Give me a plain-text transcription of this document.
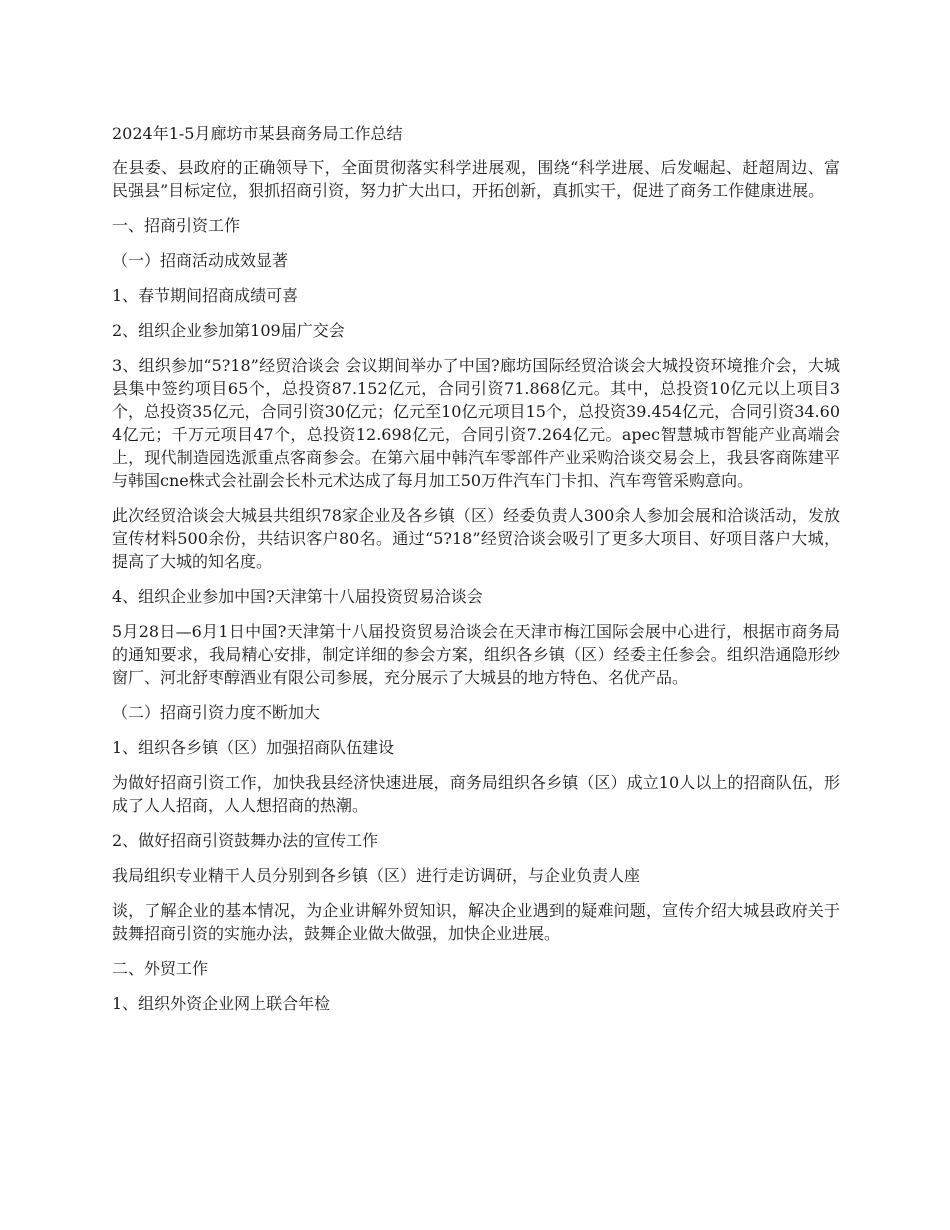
2024年1-5月廊坊市某县商务局工作总结

在县委、县政府的正确领导下，全面贯彻落实科学进展观，围绕“科学进展、后发崛起、赶超周边、富民强县”目标定位，狠抓招商引资，努力扩大出口，开拓创新，真抓实干，促进了商务工作健康进展。

一、招商引资工作

（一）招商活动成效显著

1、春节期间招商成绩可喜

2、组织企业参加第109届广交会

3、组织参加“5?18”经贸洽谈会 会议期间举办了中国?廊坊国际经贸洽谈会大城投资环境推介会，大城县集中签约项目65个，总投资87.152亿元，合同引资71.868亿元。其中，总投资10亿元以上项目3个，总投资35亿元，合同引资30亿元；亿元至10亿元项目15个，总投资39.454亿元，合同引资34.604亿元；千万元项目47个，总投资12.698亿元，合同引资7.264亿元。apec智慧城市智能产业高端会上，现代制造园选派重点客商参会。在第六届中韩汽车零部件产业采购洽谈交易会上，我县客商陈建平与韩国cne株式会社副会长朴元术达成了每月加工50万件汽车门卡扣、汽车弯管采购意向。

此次经贸洽谈会大城县共组织78家企业及各乡镇（区）经委负责人300余人参加会展和洽谈活动，发放宣传材料500余份，共结识客户80名。通过“5?18”经贸洽谈会吸引了更多大项目、好项目落户大城，提高了大城的知名度。

4、组织企业参加中国?天津第十八届投资贸易洽谈会

5月28日—6月1日中国?天津第十八届投资贸易洽谈会在天津市梅江国际会展中心进行，根据市商务局的通知要求，我局精心安排，制定详细的参会方案，组织各乡镇（区）经委主任参会。组织浩通隐形纱窗厂、河北舒枣醇酒业有限公司参展，充分展示了大城县的地方特色、名优产品。

（二）招商引资力度不断加大

1、组织各乡镇（区）加强招商队伍建设

为做好招商引资工作，加快我县经济快速进展，商务局组织各乡镇（区）成立10人以上的招商队伍，形成了人人招商，人人想招商的热潮。

2、做好招商引资鼓舞办法的宣传工作

我局组织专业精干人员分别到各乡镇（区）进行走访调研，与企业负责人座

谈，了解企业的基本情况，为企业讲解外贸知识，解决企业遇到的疑难问题，宣传介绍大城县政府关于鼓舞招商引资的实施办法，鼓舞企业做大做强，加快企业进展。

二、外贸工作

1、组织外资企业网上联合年检
